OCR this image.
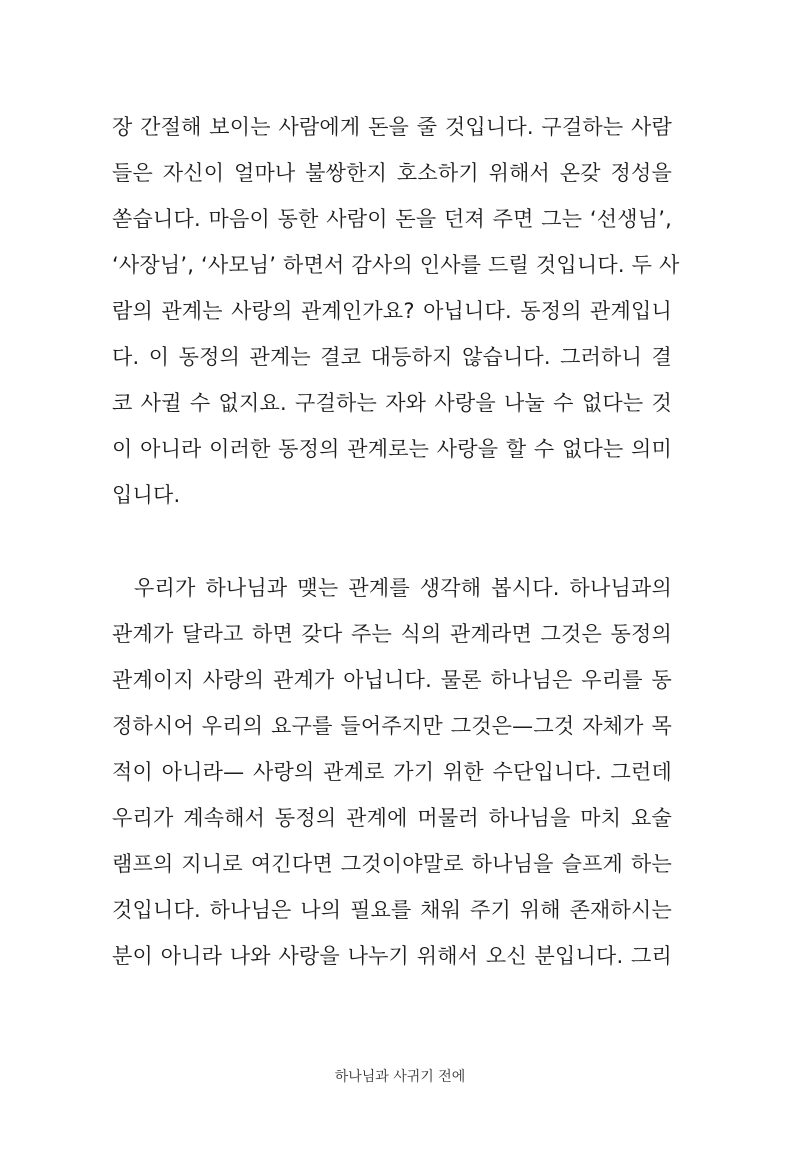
장 간절해 보이는 사람에게 돈을 줄 것입니다. 구걸하는 사람
들은 자신이 얼마나 불쌍한지 호소하기 위해서 온갖 정성을
쏟습니다. 마음이 동한 사람이 돈을 던져 주면 그는 ‘선생님’,
‘사장님’, ‘사모님’ 하면서 감사의 인사를 드릴 것입니다. 두 사
람의 관계는 사랑의 관계인가요? 아닙니다. 동정의 관계입니
다. 이 동정의 관계는 결코 대등하지 않습니다. 그러하니 결
코 사귈 수 없지요. 구걸하는 자와 사랑을 나눌 수 없다는 것
이 아니라 이러한 동정의 관계로는 사랑을 할 수 없다는 의미
입니다.
우리가 하나님과 맺는 관계를 생각해 봅시다. 하나님과의
관계가 달라고 하면 갖다 주는 식의 관계라면 그것은 동정의
관계이지 사랑의 관계가 아닙니다. 물론 하나님은 우리를 동
정하시어 우리의 요구를 들어주지만 그것은—그것 자체가 목
적이 아니라— 사랑의 관계로 가기 위한 수단입니다. 그런데
우리가 계속해서 동정의 관계에 머물러 하나님을 마치 요술
램프의 지니로 여긴다면 그것이야말로 하나님을 슬프게 하는
것입니다. 하나님은 나의 필요를 채워 주기 위해 존재하시는
분이 아니라 나와 사랑을 나누기 위해서 오신 분입니다. 그리
하나님과 사귀기 전에
